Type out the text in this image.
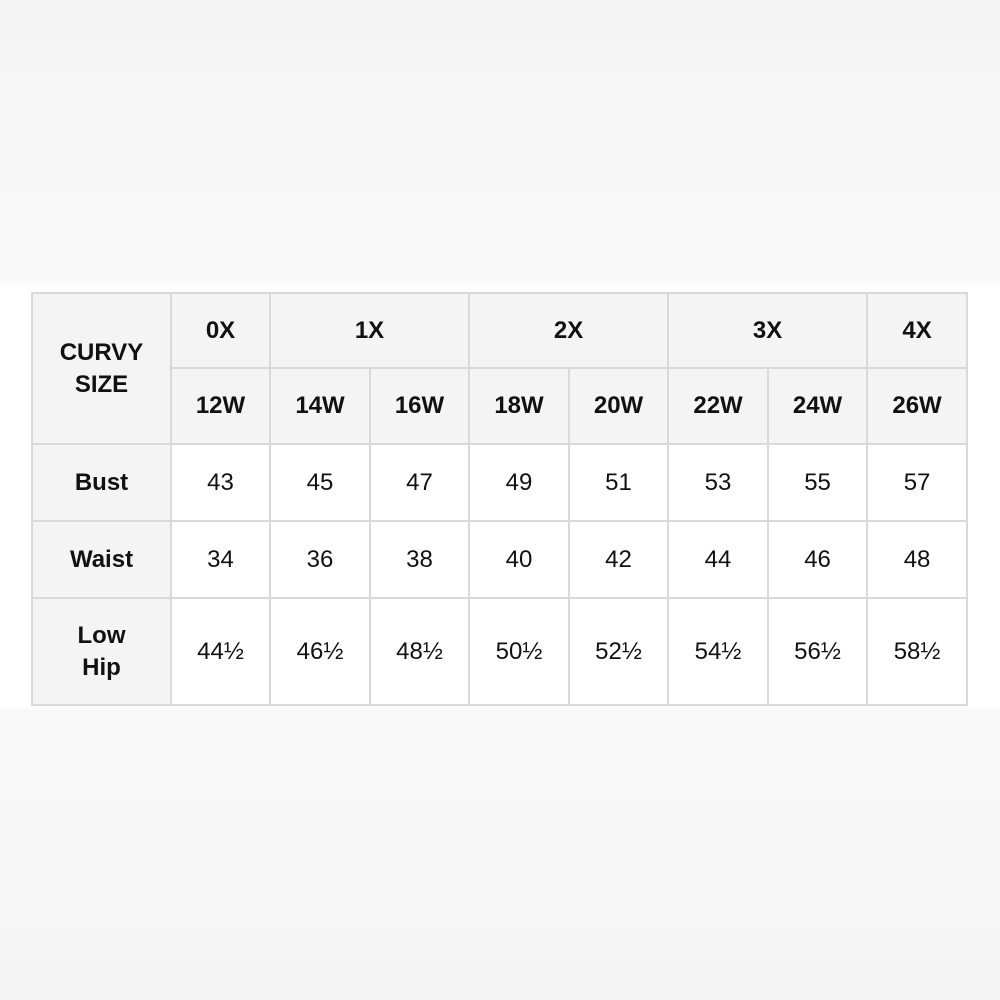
CURVY
SIZE	0X	1X		2X		3X		4X
	12W	14W	16W	18W	20W	22W	24W	26W
Bust	43	45	47	49	51	53	55	57
Waist	34	36	38	40	42	44	46	48

Low
Hip	44½	46½	48½	50½	52½	54½	56½	58½
